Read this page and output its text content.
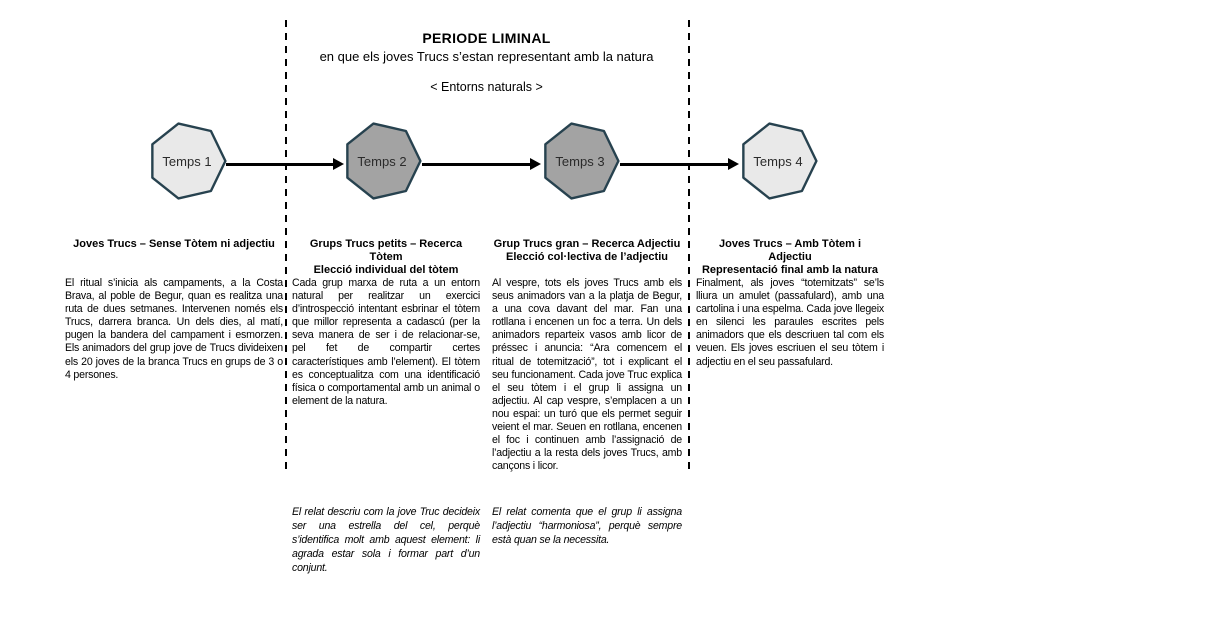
PERIODE LIMINAL
en que els joves Trucs s’estan representant amb la natura
< Entorns naturals >
Temps 1	Temps 2	Temps 3	Temps 4
Joves Trucs – Sense Tòtem ni adjectiu
El ritual s’inicia als campaments, a la Costa Brava, al poble de Begur, quan es realitza una ruta de dues setmanes. Intervenen només els Trucs, darrera branca. Un dels dies, al matí, pugen la bandera del campament i esmorzen. Els animadors del grup jove de Trucs divideixen els 20 joves de la branca Trucs en grups de 3 o 4 persones.
Grups Trucs petits – Recerca Tòtem
Elecció individual del tòtem
Cada grup marxa de ruta a un entorn natural per realitzar un exercici d’introspecció intentant esbrinar el tòtem que millor representa a cadascú (per la seva manera de ser i de relacionar-se, pel fet de compartir certes característiques amb l’element). El tòtem es conceptualitza com una identificació física o comportamental amb un animal o element de la natura.
El relat descriu com la jove Truc decideix ser una estrella del cel, perquè s’identifica molt amb aquest element: li agrada estar sola i formar part d’un conjunt.
Grup Trucs gran – Recerca Adjectiu
Elecció col·lectiva de l’adjectiu
Al vespre, tots els joves Trucs amb els seus animadors van a la platja de Begur, a una cova davant del mar. Fan una rotllana i encenen un foc a terra. Un dels animadors reparteix vasos amb licor de préssec i anuncia: “Ara comencem el ritual de totemització”, tot i explicant el seu funcionament. Cada jove Truc explica el seu tòtem i el grup li assigna un adjectiu. Al cap vespre, s’emplacen a un nou espai: un turó que els permet seguir veient el mar. Seuen en rotllana, encenen el foc i continuen amb l’assignació de l’adjectiu a la resta dels joves Trucs, amb cançons i licor.
El relat comenta que el grup li assigna l’adjectiu “harmoniosa”, perquè sempre està quan se la necessita.
Joves Trucs – Amb Tòtem i Adjectiu
Representació final amb la natura
Finalment, als joves “totemitzats” se’ls lliura un amulet (passafulard), amb una cartolina i una espelma. Cada jove llegeix en silenci les paraules escrites pels animadors que els descriuen tal com els veuen. Els joves escriuen el seu tòtem i adjectiu en el seu passafulard.
